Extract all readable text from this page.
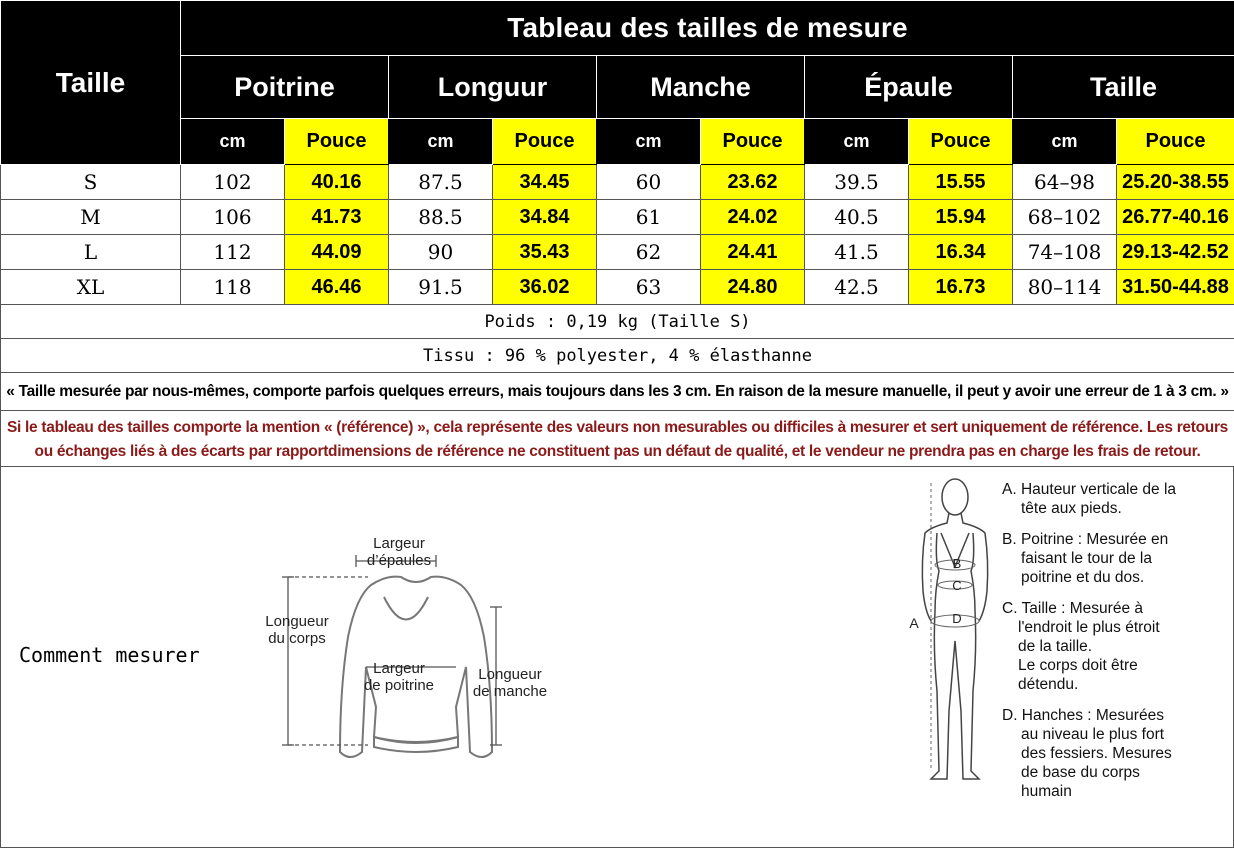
Taille	Tableau des tailles de mesure									
	Poitrine		Longuur		Manche		Épaule		Taille	
	cm	Pouce	cm	Pouce	cm	Pouce	cm	Pouce	cm	Pouce
S	102	40.16	87.5	34.45	60	23.62	39.5	15.55	64–98	25.20-38.55
M	106	41.73	88.5	34.84	61	24.02	40.5	15.94	68–102	26.77-40.16
L	112	44.09	90	35.43	62	24.41	41.5	16.34	74–108	29.13-42.52
XL	118	46.46	91.5	36.02	63	24.80	42.5	16.73	80–114	31.50-44.88
Poids : 0,19 kg (Taille S)										
Tissu : 96 % polyester, 4 % élasthanne										
« Taille mesurée par nous-mêmes, comporte parfois quelques erreurs, mais toujours dans les 3 cm. En raison de la mesure manuelle, il peut y avoir une erreur de 1 à 3 cm. »										
Si le tableau des tailles comporte la mention « (référence) », cela représente des valeurs non mesurables ou difficiles à mesurer et sert uniquement de référence. Les retours ou échanges liés à des écarts par rapportdimensions de référence ne constituent pas un défaut de qualité, et le vendeur ne prendra pas en charge les frais de retour.										
Comment mesurer
Largeur
d’épaules
Longueur
du corps
Largeur
de poitrine
Longueur
de manche
A
B
C
D
A. Hauteur verticale de la
tête aux pieds.
B. Poitrine : Mesurée en
faisant le tour de la
poitrine et du dos.
C. Taille : Mesurée à
l'endroit le plus étroit
de la taille.
Le corps doit être
détendu.
D. Hanches : Mesurées
au niveau le plus fort
des fessiers. Mesures
de base du corps
humain
